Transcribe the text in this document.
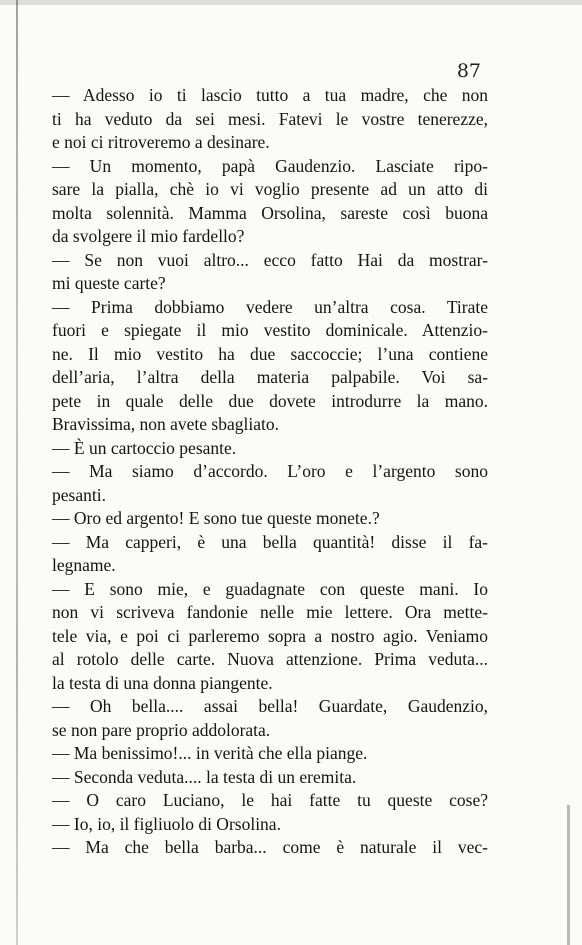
87
— Adesso io ti lascio tutto a tua madre, che non
ti ha veduto da sei mesi. Fatevi le vostre tenerezze,
e noi ci ritroveremo a desinare.
— Un momento, papà Gaudenzio. Lasciate ripo-
sare la pialla, chè io vi voglio presente ad un atto di
molta solennità. Mamma Orsolina, sareste così buona
da svolgere il mio fardello?
— Se non vuoi altro... ecco fatto Hai da mostrar-
mi queste carte?
— Prima dobbiamo vedere un’altra cosa. Tirate
fuori e spiegate il mio vestito dominicale. Attenzio-
ne. Il mio vestito ha due saccoccie; l’una contiene
dell’aria, l’altra della materia palpabile. Voi sa-
pete in quale delle due dovete introdurre la mano.
Bravissima, non avete sbagliato.
— È un cartoccio pesante.
— Ma siamo d’accordo. L’oro e l’argento sono
pesanti.
— Oro ed argento! E sono tue queste monete.?
— Ma capperi, è una bella quantità! disse il fa-
legname.
— E sono mie, e guadagnate con queste mani. Io
non vi scriveva fandonie nelle mie lettere. Ora mette-
tele via, e poi ci parleremo sopra a nostro agio. Veniamo
al rotolo delle carte. Nuova attenzione. Prima veduta...
la testa di una donna piangente.
— Oh bella.... assai bella! Guardate, Gaudenzio,
se non pare proprio addolorata.
— Ma benissimo!... in verità che ella piange.
— Seconda veduta.... la testa di un eremita.
— O caro Luciano, le hai fatte tu queste cose?
— Io, io, il figliuolo di Orsolina.
— Ma che bella barba... come è naturale il vec-
